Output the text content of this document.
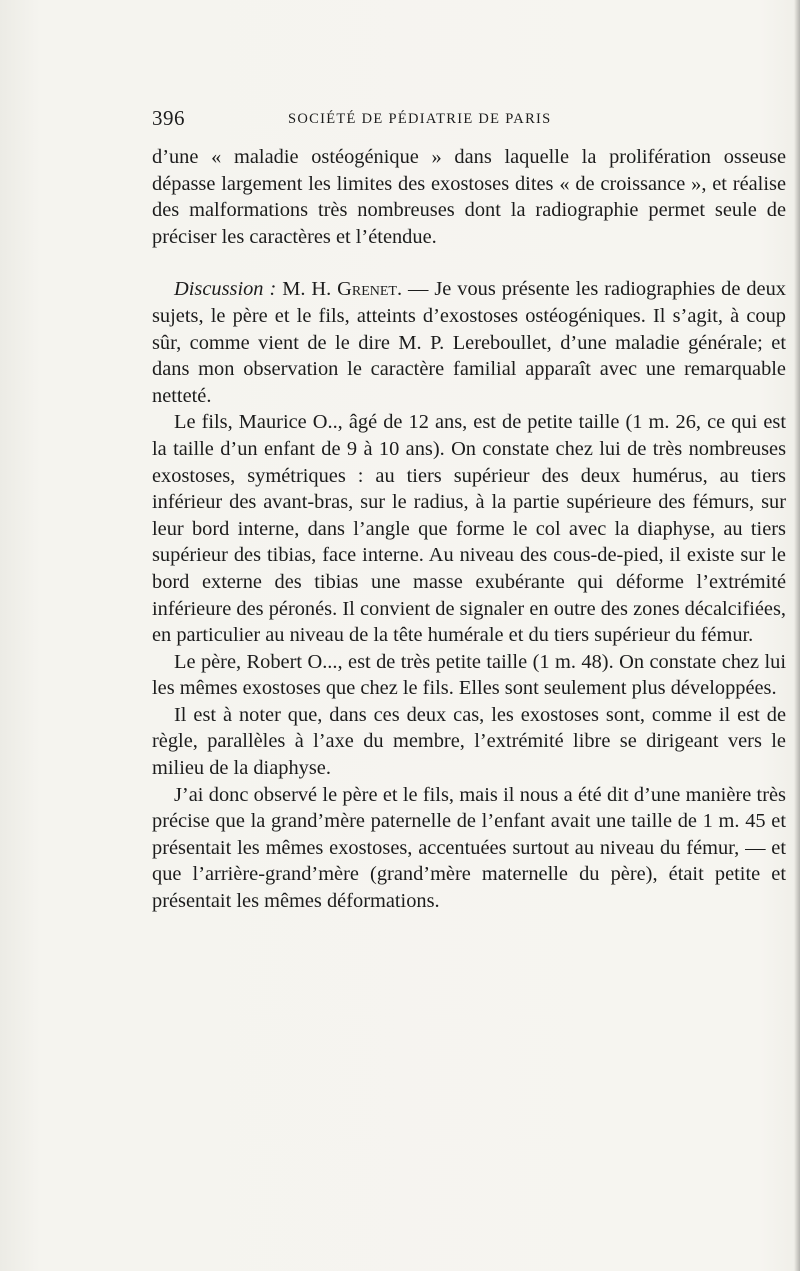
396	SOCIÉTÉ DE PÉDIATRIE DE PARIS

d’une « maladie ostéogénique » dans laquelle la prolifération osseuse dépasse largement les limites des exostoses dites « de croissance », et réalise des malformations très nombreuses dont la radiographie permet seule de préciser les caractères et l’étendue.

Discussion : M. H. Grenet. — Je vous présente les radiographies de deux sujets, le père et le fils, atteints d’exostoses ostéogéniques. Il s’agit, à coup sûr, comme vient de le dire M. P. Lereboullet, d’une maladie générale; et dans mon observation le caractère familial apparaît avec une remarquable netteté.

Le fils, Maurice O.., âgé de 12 ans, est de petite taille (1 m. 26, ce qui est la taille d’un enfant de 9 à 10 ans). On constate chez lui de très nombreuses exostoses, symétriques : au tiers supérieur des deux humérus, au tiers inférieur des avant-bras, sur le radius, à la partie supérieure des fémurs, sur leur bord interne, dans l’angle que forme le col avec la diaphyse, au tiers supérieur des tibias, face interne. Au niveau des cous-de-pied, il existe sur le bord externe des tibias une masse exubérante qui déforme l’extrémité inférieure des péronés. Il convient de signaler en outre des zones décalcifiées, en particulier au niveau de la tête humérale et du tiers supérieur du fémur.

Le père, Robert O..., est de très petite taille (1 m. 48). On constate chez lui les mêmes exostoses que chez le fils. Elles sont seulement plus développées.

Il est à noter que, dans ces deux cas, les exostoses sont, comme il est de règle, parallèles à l’axe du membre, l’extrémité libre se dirigeant vers le milieu de la diaphyse.

J’ai donc observé le père et le fils, mais il nous a été dit d’une manière très précise que la grand’mère paternelle de l’enfant avait une taille de 1 m. 45 et présentait les mêmes exostoses, accentuées surtout au niveau du fémur, — et que l’arrière-grand’mère (grand’mère maternelle du père), était petite et présentait les mêmes déformations.
